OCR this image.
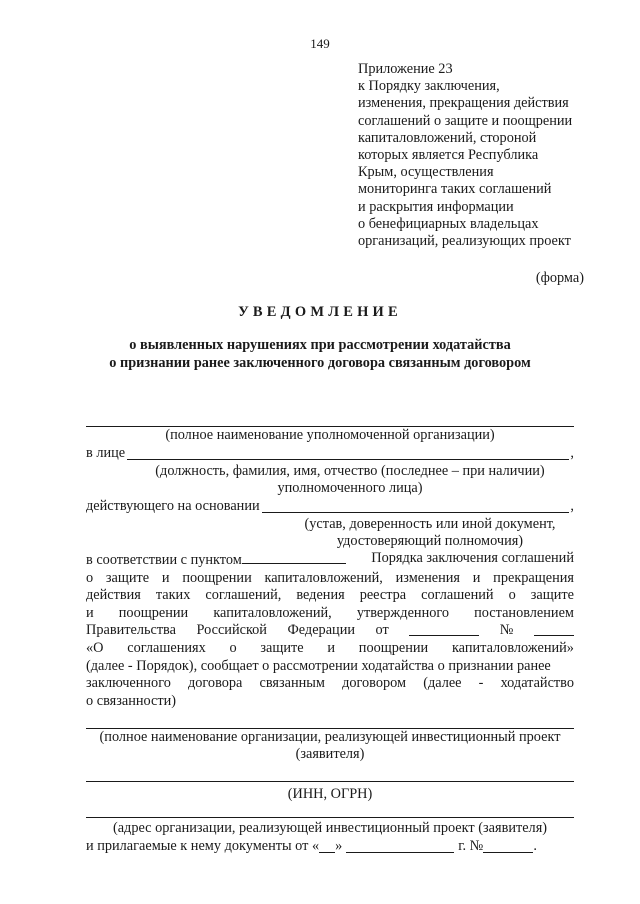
149
Приложение 23
к Порядку заключения,
изменения, прекращения действия
соглашений о защите и поощрении
капиталовложений, стороной
которых является Республика
Крым, осуществления
мониторинга таких соглашений
и раскрытия информации
о бенефициарных владельцах
организаций, реализующих проект
(форма)
УВЕДОМЛЕНИЕ
о выявленных нарушениях при рассмотрении ходатайства
о признании ранее заключенного договора связанным договором
(полное наименование уполномоченной организации)
в лице	,
(должность, фамилия, имя, отчество (последнее – при наличии)
уполномоченного лица)
действующего на основании	,
(устав, доверенность или иной документ,
удостоверяющий полномочия)
в соответствии с пунктом	Порядка заключения соглашений
о защите и поощрении капиталовложений, изменения и прекращения
действия таких соглашений, ведения реестра соглашений о защите
и поощрении капиталовложений, утвержденного постановлением
Правительства Российской Федерации от	№
«О соглашениях о защите и поощрении капиталовложений»
(далее - Порядок), сообщает о рассмотрении ходатайства о признании ранее
заключенного договора связанным договором (далее - ходатайство
о связанности)
(полное наименование организации, реализующей инвестиционный проект
(заявителя)
(ИНН, ОГРН)
(адрес организации, реализующей инвестиционный проект (заявителя)
и прилагаемые к нему документы от « »	г. №	.
